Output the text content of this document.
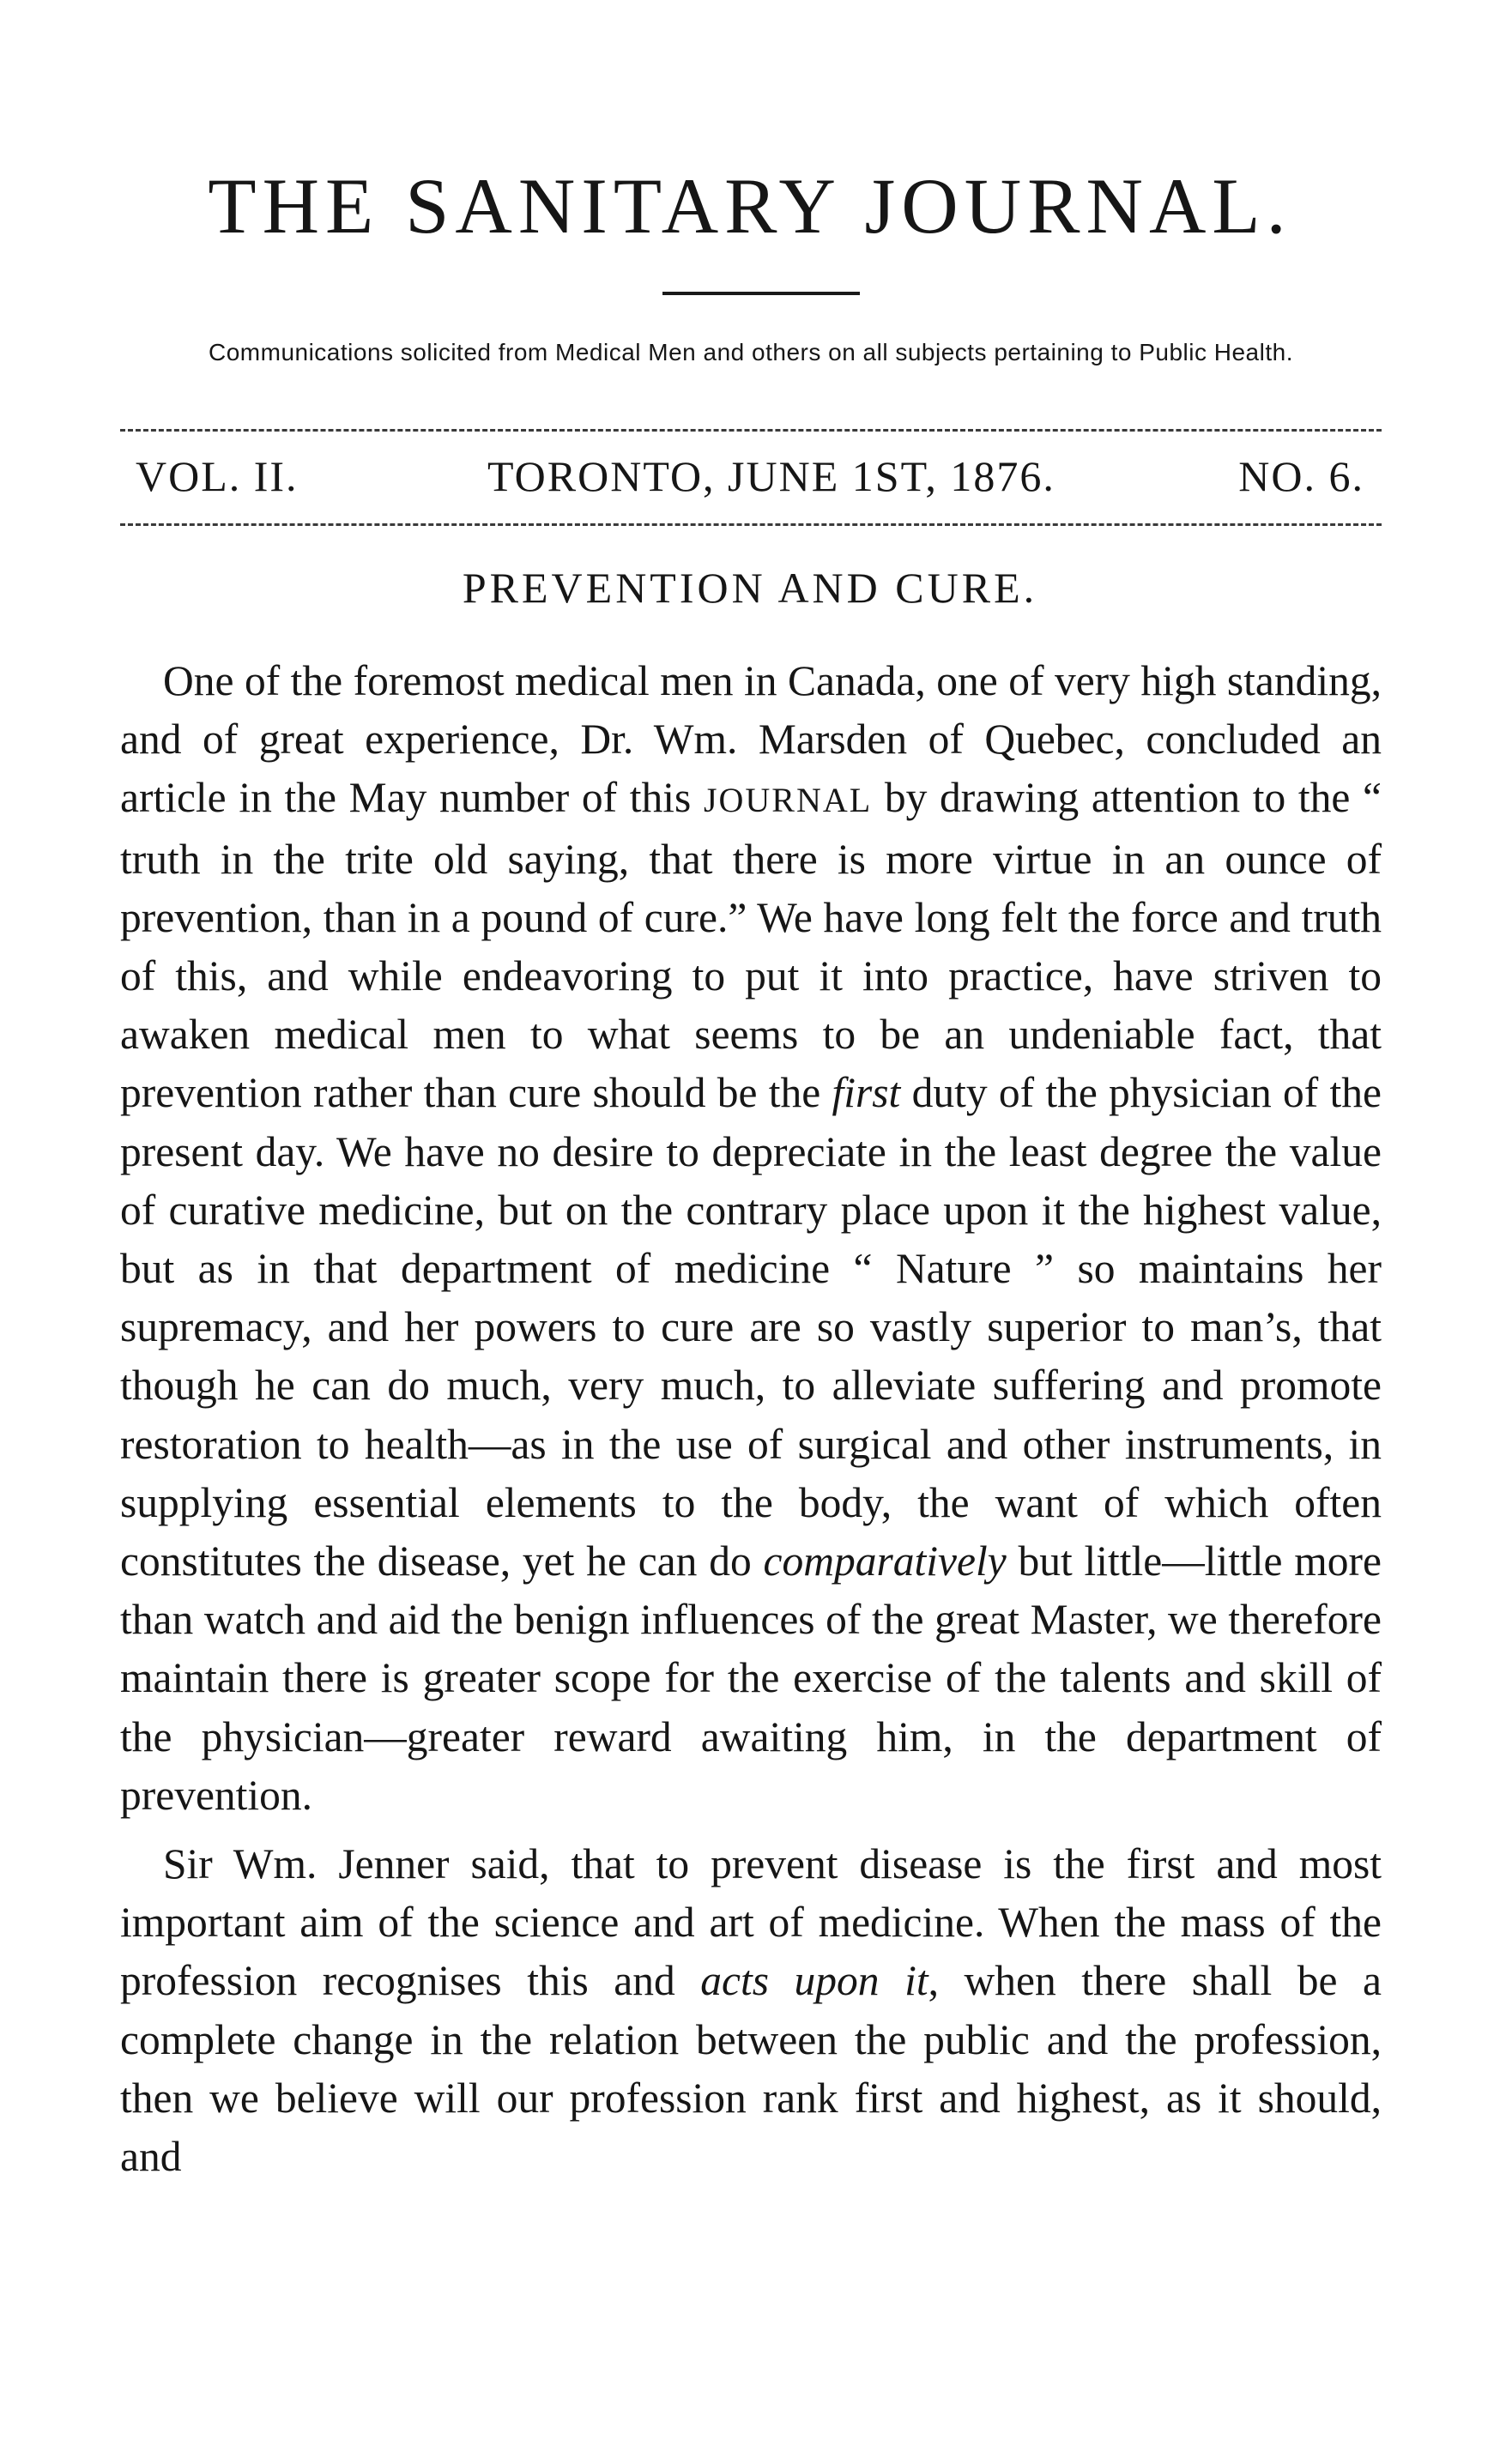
THE SANITARY JOURNAL.
Communications solicited from Medical Men and others on all subjects pertaining to Public Health.
VOL. II.	TORONTO, JUNE 1ST, 1876.	NO. 6.
PREVENTION AND CURE.

One of the foremost medical men in Canada, one of very high standing, and of great experience, Dr. Wm. Marsden of Quebec, concluded an article in the May number of this JOURNAL by drawing attention to the “ truth in the trite old saying, that there is more virtue in an ounce of prevention, than in a pound of cure.” We have long felt the force and truth of this, and while endeavoring to put it into practice, have striven to awaken medical men to what seems to be an undeniable fact, that prevention rather than cure should be the first duty of the physician of the present day. We have no desire to depreciate in the least degree the value of curative medicine, but on the contrary place upon it the highest value, but as in that department of medicine “ Nature ” so maintains her supremacy, and her powers to cure are so vastly superior to man’s, that though he can do much, very much, to alleviate suffering and promote restoration to health—as in the use of surgical and other instruments, in supplying essential elements to the body, the want of which often constitutes the disease, yet he can do comparatively but little—little more than watch and aid the benign influences of the great Master, we therefore maintain there is greater scope for the exercise of the talents and skill of the physician—greater reward awaiting him, in the department of prevention.

Sir Wm. Jenner said, that to prevent disease is the first and most important aim of the science and art of medicine. When the mass of the profession recognises this and acts upon it, when there shall be a complete change in the relation between the public and the profession, then we believe will our profession rank first and highest, as it should, and
